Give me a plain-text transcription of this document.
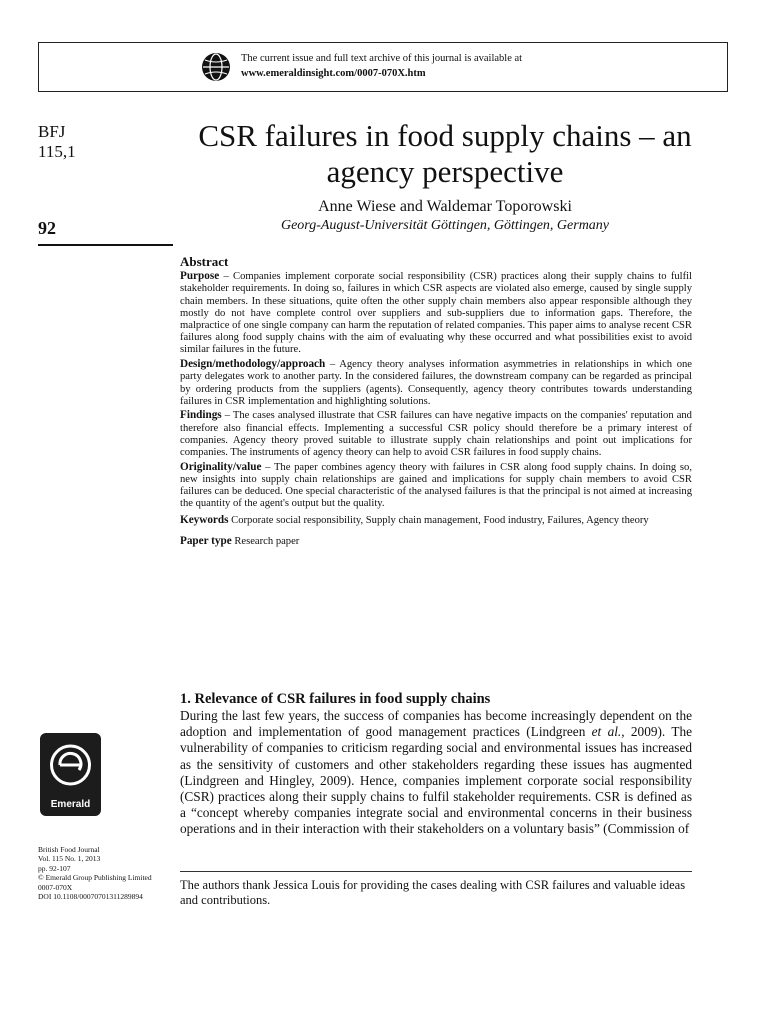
The current issue and full text archive of this journal is available at
www.emeraldinsight.com/0007-070X.htm
BFJ
115,1
92
CSR failures in food supply chains – an agency perspective
Anne Wiese and Waldemar Toporowski
Georg-August-Universität Göttingen, Göttingen, Germany
Abstract

Purpose – Companies implement corporate social responsibility (CSR) practices along their supply chains to fulfil stakeholder requirements. In doing so, failures in which CSR aspects are violated also emerge, caused by single supply chain members. In these situations, quite often the other supply chain members also appear responsible although they mostly do not have complete control over suppliers and sub-suppliers due to information gaps. Therefore, the malpractice of one single company can harm the reputation of related companies. This paper aims to analyse recent CSR failures along food supply chains with the aim of evaluating why these occurred and what possibilities exist to avoid similar failures in the future.

Design/methodology/approach – Agency theory analyses information asymmetries in relationships in which one party delegates work to another party. In the considered failures, the downstream company can be regarded as principal by ordering products from the suppliers (agents). Consequently, agency theory contributes towards understanding failures in CSR implementation and highlighting solutions.

Findings – The cases analysed illustrate that CSR failures can have negative impacts on the companies' reputation and therefore also financial effects. Implementing a successful CSR policy should therefore be a primary interest of companies. Agency theory proved suitable to illustrate supply chain relationships and point out implications for companies. The instruments of agency theory can help to avoid CSR failures in food supply chains.

Originality/value – The paper combines agency theory with failures in CSR along food supply chains. In doing so, new insights into supply chain relationships are gained and implications for supply chain members to avoid CSR failures can be deduced. One special characteristic of the analysed failures is that the principal is not aimed at increasing the quantity of the agent's output but the quality.

Keywords Corporate social responsibility, Supply chain management, Food industry, Failures, Agency theory

Paper type Research paper

1. Relevance of CSR failures in food supply chains

During the last few years, the success of companies has become increasingly dependent on the adoption and implementation of good management practices (Lindgreen et al., 2009). The vulnerability of companies to criticism regarding social and environmental issues has increased as the sensitivity of customers and other stakeholders regarding these issues has augmented (Lindgreen and Hingley, 2009). Hence, companies implement corporate social responsibility (CSR) practices along their supply chains to fulfil stakeholder requirements. CSR is defined as a “concept whereby companies integrate social and environmental concerns in their business operations and in their interaction with their stakeholders on a voluntary basis” (Commission of

Emerald
British Food Journal
Vol. 115 No. 1, 2013
pp. 92-107
© Emerald Group Publishing Limited
0007-070X
DOI 10.1108/00070701311289894
The authors thank Jessica Louis for providing the cases dealing with CSR failures and valuable ideas and contributions.
